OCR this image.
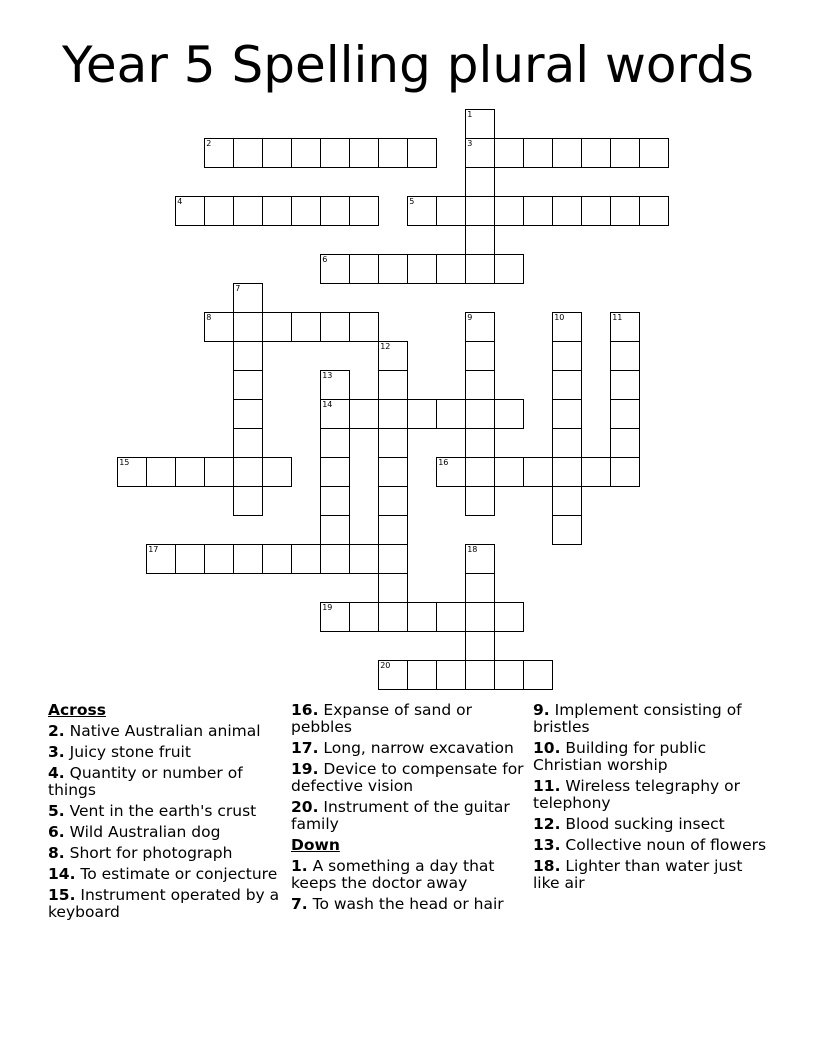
Year 5 Spelling plural words
2	3
4	5
6
8
14
15	16
17
19
20
1
7
9	10	11
12
13
18
Across
2. Native Australian animal
3. Juicy stone fruit
4. Quantity or number of things
5. Vent in the earth's crust
6. Wild Australian dog
8. Short for photograph
14. To estimate or conjecture
15. Instrument operated by a keyboard
16. Expanse of sand or pebbles
17. Long, narrow excavation
19. Device to compensate for defective vision
20. Instrument of the guitar family
Down
1. A something a day that keeps the doctor away
7. To wash the head or hair
9. Implement consisting of bristles
10. Building for public Christian worship
11. Wireless telegraphy or telephony
12. Blood sucking insect
13. Collective noun of flowers
18. Lighter than water just like air
